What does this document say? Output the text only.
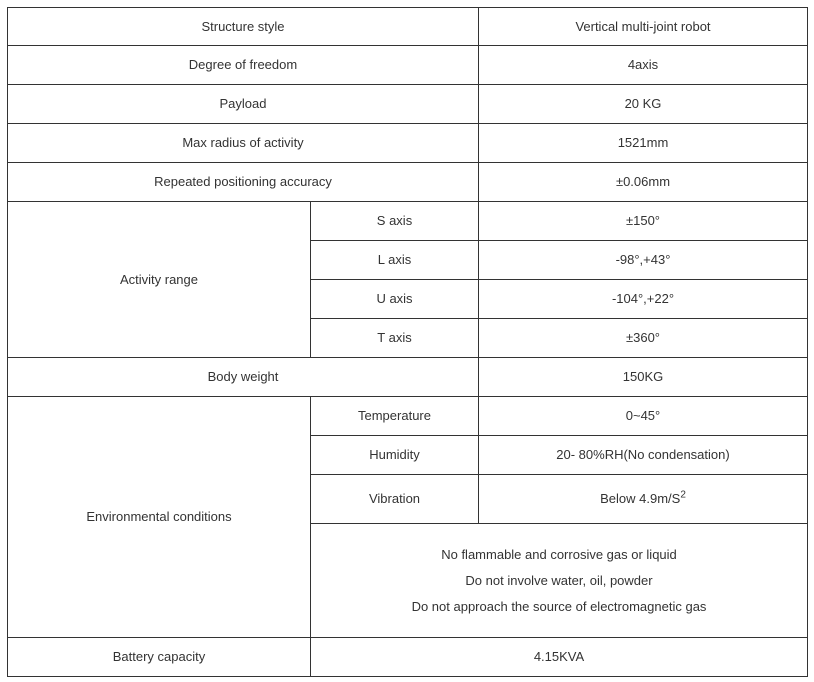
Structure style		Vertical multi-joint robot
Degree of freedom		4axis
Payload		20 KG
Max radius of activity		1521mm
Repeated positioning accuracy		±0.06mm
Activity range	S axis	±150°
	L axis	-98°,+43°
	U axis	-104°,+22°
	T axis	±360°
Body weight		150KG
Environmental conditions	Temperature	0~45°
	Humidity	20- 80%RH(No condensation)
	Vibration	Below $4.9m/S^2$

	No flammable and corrosive gas or liquid
Do not involve water, oil, powder
Do not approach the source of electromagnetic gas	

Battery capacity	4.15KVA	
